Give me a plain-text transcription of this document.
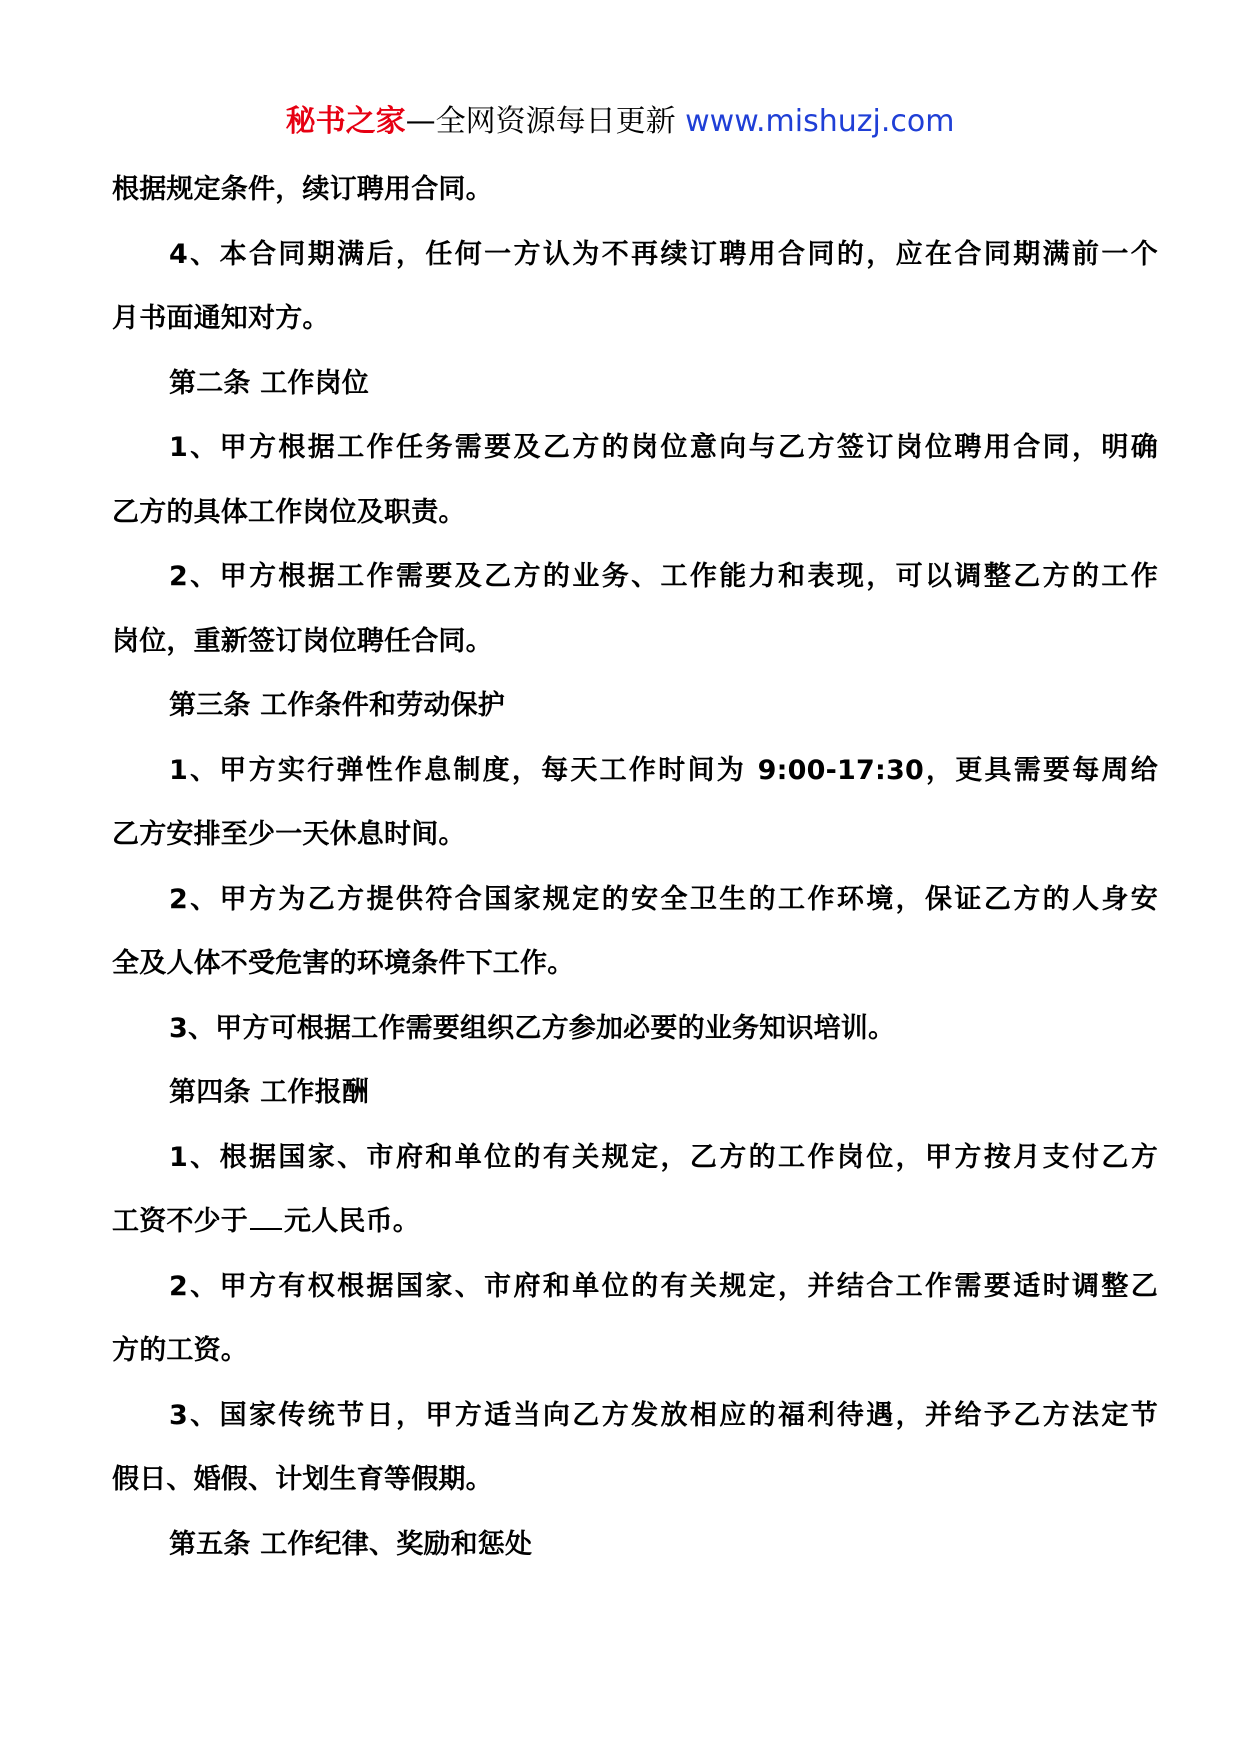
秘书之家—全网资源每日更新 www.mishuzj.com
根据规定条件，续订聘用合同。
4、本合同期满后，任何一方认为不再续订聘用合同的，应在合同期满前一个
月书面通知对方。
第二条 工作岗位
1、甲方根据工作任务需要及乙方的岗位意向与乙方签订岗位聘用合同，明确
乙方的具体工作岗位及职责。
2、甲方根据工作需要及乙方的业务、工作能力和表现，可以调整乙方的工作
岗位，重新签订岗位聘任合同。
第三条 工作条件和劳动保护
1、甲方实行弹性作息制度，每天工作时间为 9:00-17:30，更具需要每周给
乙方安排至少一天休息时间。
2、甲方为乙方提供符合国家规定的安全卫生的工作环境，保证乙方的人身安
全及人体不受危害的环境条件下工作。
3、甲方可根据工作需要组织乙方参加必要的业务知识培训。
第四条 工作报酬
1、根据国家、市府和单位的有关规定，乙方的工作岗位，甲方按月支付乙方
工资不少于 元人民币。
2、甲方有权根据国家、市府和单位的有关规定，并结合工作需要适时调整乙
方的工资。
3、国家传统节日，甲方适当向乙方发放相应的福利待遇，并给予乙方法定节
假日、婚假、计划生育等假期。
第五条 工作纪律、奖励和惩处
